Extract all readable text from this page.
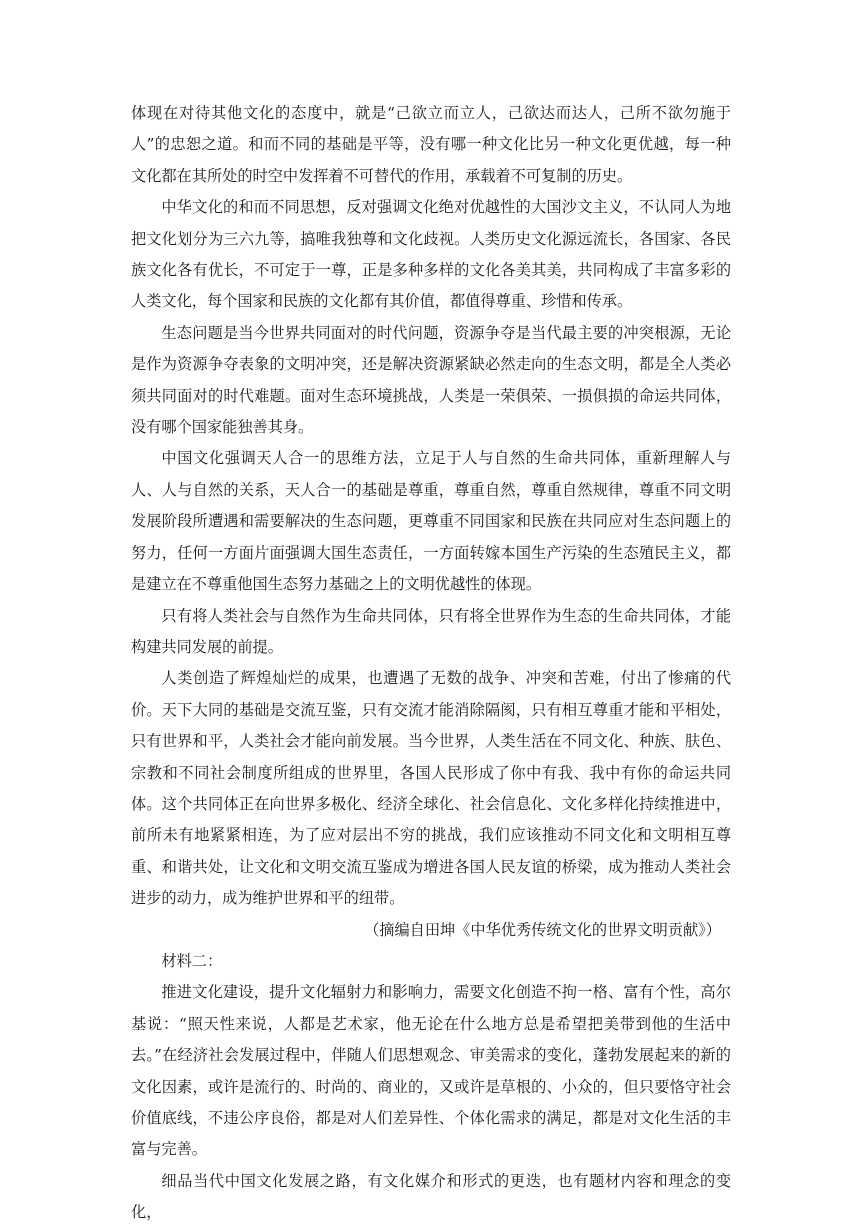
体现在对待其他文化的态度中，就是“己欲立而立人，己欲达而达人，己所不欲勿施于人”的忠恕之道。和而不同的基础是平等，没有哪一种文化比另一种文化更优越，每一种文化都在其所处的时空中发挥着不可替代的作用，承载着不可复制的历史。

中华文化的和而不同思想，反对强调文化绝对优越性的大国沙文主义，不认同人为地把文化划分为三六九等，搞唯我独尊和文化歧视。人类历史文化源远流长，各国家、各民族文化各有优长，不可定于一尊，正是多种多样的文化各美其美，共同构成了丰富多彩的人类文化，每个国家和民族的文化都有其价值，都值得尊重、珍惜和传承。

生态问题是当今世界共同面对的时代问题，资源争夺是当代最主要的冲突根源，无论是作为资源争夺表象的文明冲突，还是解决资源紧缺必然走向的生态文明，都是全人类必须共同面对的时代难题。面对生态环境挑战，人类是一荣俱荣、一损俱损的命运共同体，没有哪个国家能独善其身。

中国文化强调天人合一的思维方法，立足于人与自然的生命共同体，重新理解人与人、人与自然的关系，天人合一的基础是尊重，尊重自然，尊重自然规律，尊重不同文明发展阶段所遭遇和需要解决的生态问题，更尊重不同国家和民族在共同应对生态问题上的努力，任何一方面片面强调大国生态责任，一方面转嫁本国生产污染的生态殖民主义，都是建立在不尊重他国生态努力基础之上的文明优越性的体现。

只有将人类社会与自然作为生命共同体，只有将全世界作为生态的生命共同体，才能构建共同发展的前提。

人类创造了辉煌灿烂的成果，也遭遇了无数的战争、冲突和苦难，付出了惨痛的代价。天下大同的基础是交流互鉴，只有交流才能消除隔阂，只有相互尊重才能和平相处，只有世界和平，人类社会才能向前发展。当今世界，人类生活在不同文化、种族、肤色、宗教和不同社会制度所组成的世界里，各国人民形成了你中有我、我中有你的命运共同体。这个共同体正在向世界多极化、经济全球化、社会信息化、文化多样化持续推进中，前所未有地紧紧相连，为了应对层出不穷的挑战，我们应该推动不同文化和文明相互尊重、和谐共处，让文化和文明交流互鉴成为增进各国人民友谊的桥梁，成为推动人类社会进步的动力，成为维护世界和平的纽带。

（摘编自田坤《中华优秀传统文化的世界文明贡献》）

材料二：

推进文化建设，提升文化辐射力和影响力，需要文化创造不拘一格、富有个性，高尔基说：“照天性来说，人都是艺术家，他无论在什么地方总是希望把美带到他的生活中去。”在经济社会发展过程中，伴随人们思想观念、审美需求的变化，蓬勃发展起来的新的文化因素，或许是流行的、时尚的、商业的，又或许是草根的、小众的，但只要恪守社会价值底线，不违公序良俗，都是对人们差异性、个体化需求的满足，都是对文化生活的丰富与完善。

细品当代中国文化发展之路，有文化媒介和形式的更迭，也有题材内容和理念的变化，
